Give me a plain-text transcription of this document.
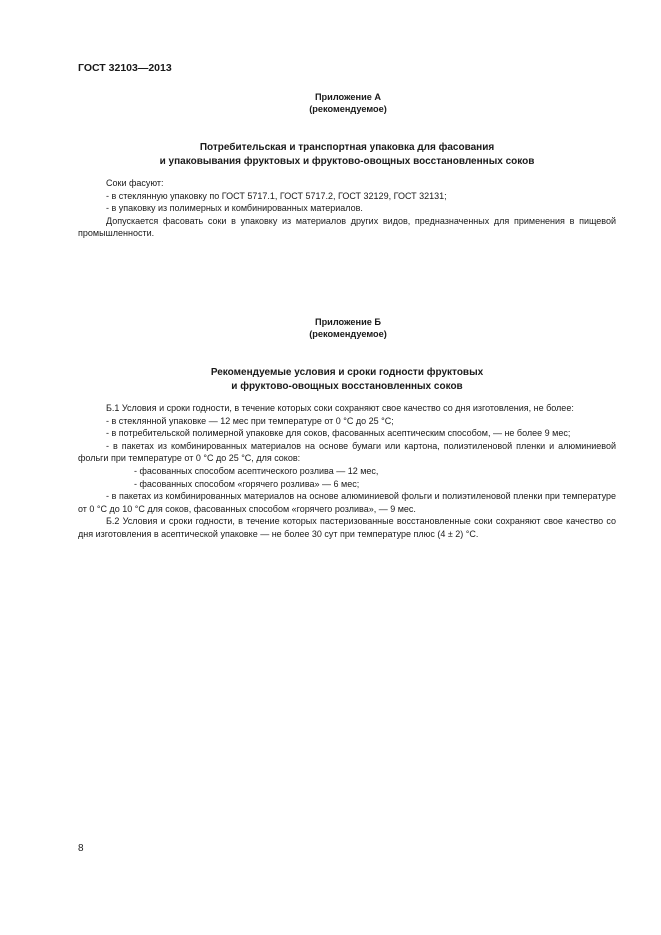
ГОСТ 32103—2013
Приложение А
(рекомендуемое)
Потребительская и транспортная упаковка для фасования
и упаковывания фруктовых и фруктово-овощных восстановленных соков

Соки фасуют:

- в стеклянную упаковку по ГОСТ 5717.1, ГОСТ 5717.2, ГОСТ 32129, ГОСТ 32131;

- в упаковку из полимерных и комбинированных материалов.

Допускается фасовать соки в упаковку из материалов других видов, предназначенных для применения в пищевой промышленности.

Приложение Б
(рекомендуемое)
Рекомендуемые условия и сроки годности фруктовых
и фруктово-овощных восстановленных соков

Б.1 Условия и сроки годности, в течение которых соки сохраняют свое качество со дня изготовления, не более:

- в стеклянной упаковке — 12 мес при температуре от 0 °С до 25 °С;

- в потребительской полимерной упаковке для соков, фасованных асептическим способом, — не более 9 мес;

- в пакетах из комбинированных материалов на основе бумаги или картона, полиэтиленовой пленки и алюминиевой фольги при температуре от 0 °С до 25 °С, для соков:

- фасованных способом асептического розлива — 12 мес,

- фасованных способом «горячего розлива» — 6 мес;

- в пакетах из комбинированных материалов на основе алюминиевой фольги и полиэтиленовой пленки при температуре от 0 °С до 10 °С для соков, фасованных способом «горячего розлива», — 9 мес.

Б.2 Условия и сроки годности, в течение которых пастеризованные восстановленные соки сохраняют свое качество со дня изготовления в асептической упаковке — не более 30 сут при температуре плюс (4 ± 2) °С.

8
